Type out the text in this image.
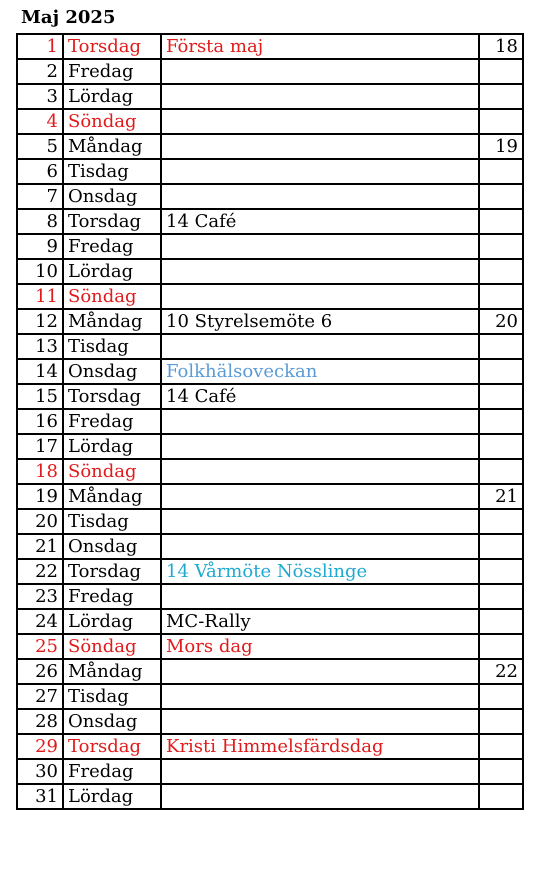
Maj 2025
1	Torsdag	Första maj	18
2	Fredag		
3	Lördag		
4	Söndag		
5	Måndag		19
6	Tisdag		
7	Onsdag		
8	Torsdag	14 Café	
9	Fredag		
10	Lördag		
11	Söndag		
12	Måndag	10 Styrelsemöte 6	20
13	Tisdag		
14	Onsdag	Folkhälsoveckan	
15	Torsdag	14 Café	
16	Fredag		
17	Lördag		
18	Söndag		
19	Måndag		21
20	Tisdag		
21	Onsdag		
22	Torsdag	14 Vårmöte Nösslinge	
23	Fredag		
24	Lördag	MC-Rally	
25	Söndag	Mors dag	
26	Måndag		22
27	Tisdag		
28	Onsdag		
29	Torsdag	Kristi Himmelsfärdsdag	
30	Fredag		
31	Lördag		
